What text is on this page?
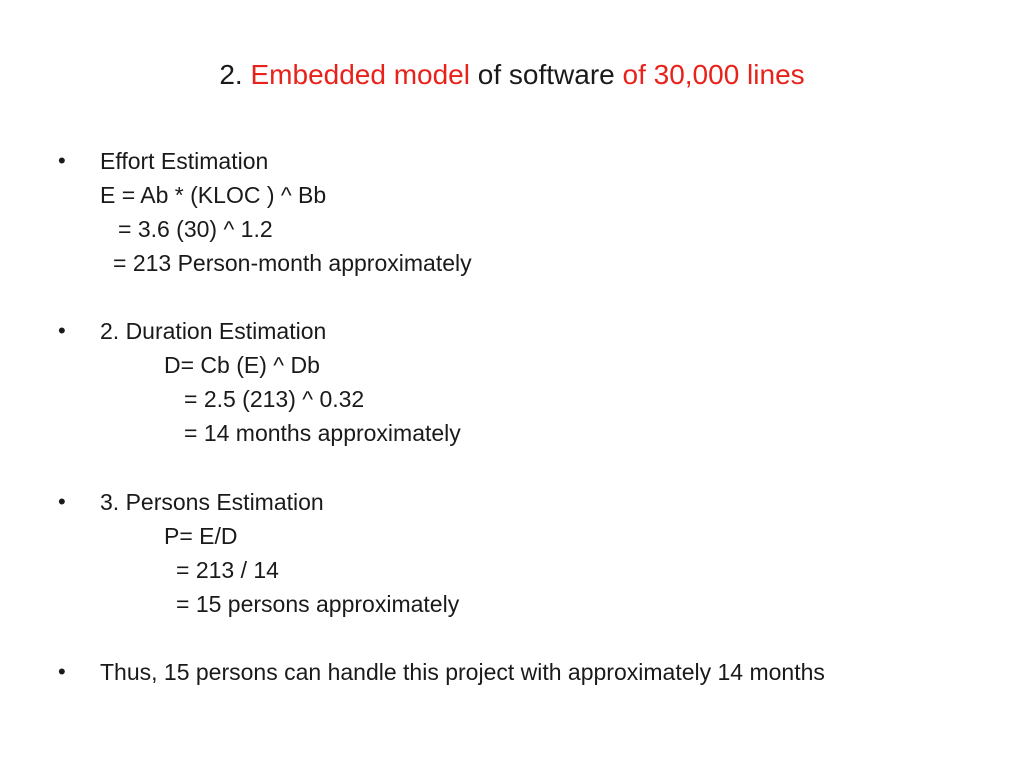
2. Embedded model of software of 30,000 lines
• Effort Estimation
E = Ab * (KLOC ) ^ Bb
= 3.6 (30) ^ 1.2
= 213 Person-month approximately
• 2. Duration Estimation
D= Cb (E) ^ Db
= 2.5 (213) ^ 0.32
= 14 months approximately
• 3. Persons Estimation
P= E/D
= 213 / 14
= 15 persons approximately
• Thus, 15 persons can handle this project with approximately 14 months
